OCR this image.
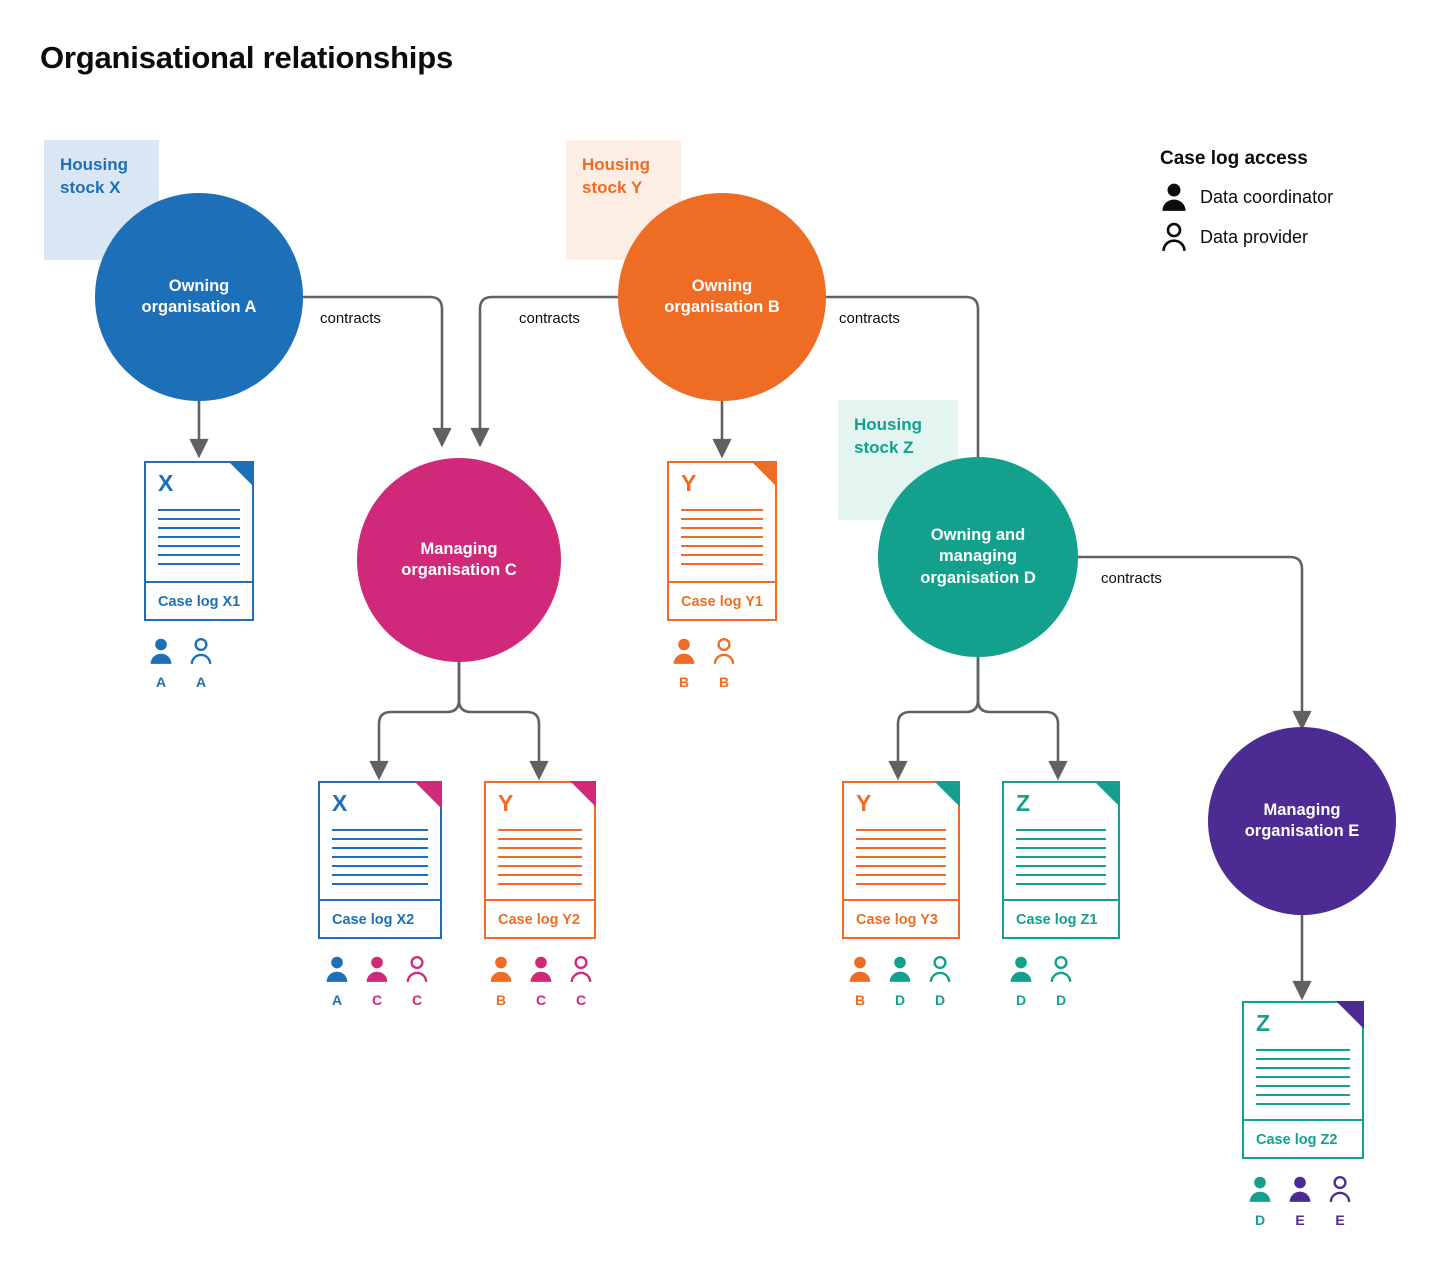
Organisational relationships
Housing
stock X
Housing
stock Y
Housing
stock Z
Owning
organisation A
Owning
organisation B
Managing
organisation C
Owning and
managing
organisation D
Managing
organisation E
contracts	contracts	contracts
contracts
X
Case log X1
A	A
Y
Case log Y1
B	B
X
Case log X2
A	C	C
Y
Case log Y2
B	C	C
Y
Case log Y3
B	D	D
Z
Case log Z1
D	D
Z
Case log Z2
D	E	E
Case log access
Data coordinator
Data provider
